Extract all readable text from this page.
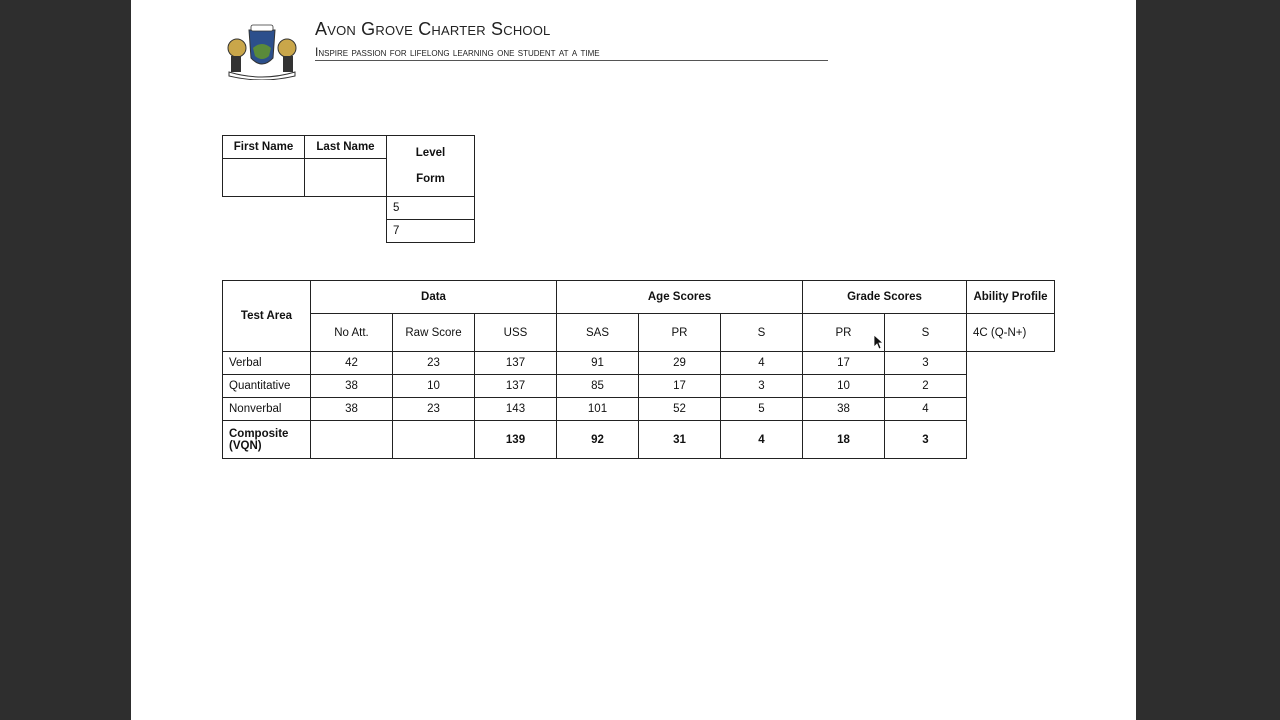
Avon Grove Charter School
Inspire passion for lifelong learning one student at a time
First Name	Last Name	Level
Form

		5
		7
Test Area	Data			Age Scores			Grade Scores		Ability Profile
	No Att.	Raw Score	USS	SAS	PR	S	PR	S	4C (Q-N+)
Verbal	42	23	137	91	29	4	17	3	
Quantitative	38	10	137	85	17	3	10	2	
Nonverbal	38	23	143	101	52	5	38	4	
Composite (VQN)			139	92	31	4	18	3	
